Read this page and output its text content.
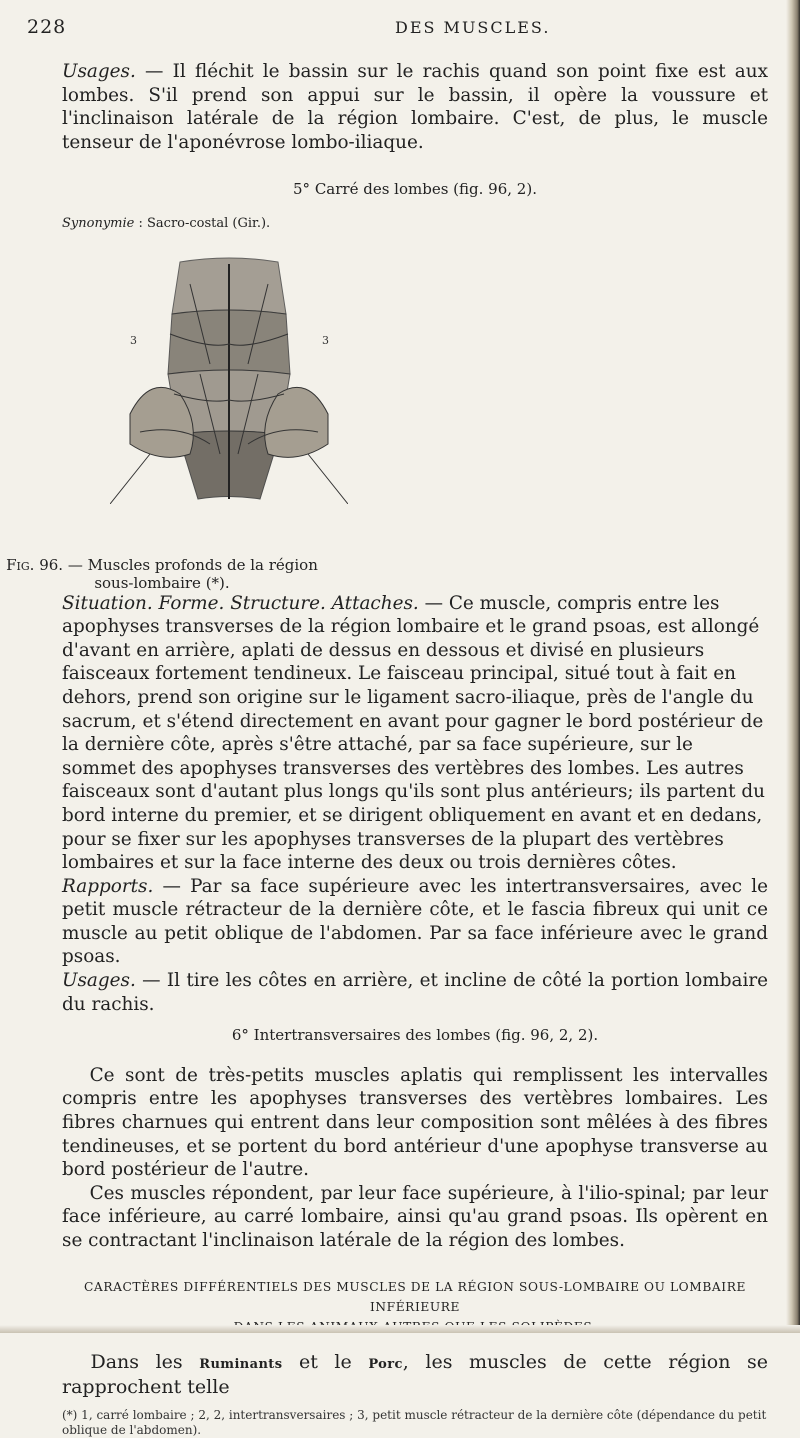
228	DES MUSCLES.

Usages. — Il fléchit le bassin sur le rachis quand son point fixe est aux lombes. S'il prend son appui sur le bassin, il opère la voussure et l'inclinaison latérale de la région lombaire. C'est, de plus, le muscle tenseur de l'aponévrose lombo-iliaque.

5° Carré des lombes (fig. 96, 2).
Synonymie : Sacro-costal (Gir.).

3	3

Fig. 96. — Muscles profonds de la région sous-lombaire (*).
Situation. Forme. Structure. Attaches. — Ce muscle, compris entre les apophyses transverses de la région lombaire et le grand psoas, est allongé d'avant en arrière, aplati de dessus en dessous et divisé en plusieurs faisceaux fortement tendineux. Le faisceau principal, situé tout à fait en dehors, prend son origine sur le ligament sacro-iliaque, près de l'angle du sacrum, et s'étend directement en avant pour gagner le bord postérieur de la dernière côte, après s'être attaché, par sa face supérieure, sur le sommet des apophyses transverses des vertèbres des lombes. Les autres faisceaux sont d'autant plus longs qu'ils sont plus antérieurs; ils partent du bord interne du premier, et se dirigent obliquement en avant et en dedans, pour se fixer sur les apophyses transverses de la plupart des vertèbres lombaires et sur la face interne des deux ou trois dernières côtes.

Rapports. — Par sa face supérieure avec les intertransversaires, avec le petit muscle rétracteur de la dernière côte, et le fascia fibreux qui unit ce muscle au petit oblique de l'abdomen. Par sa face inférieure avec le grand psoas.

Usages. — Il tire les côtes en arrière, et incline de côté la portion lombaire du rachis.

6° Intertransversaires des lombes (fig. 96, 2, 2).

Ce sont de très-petits muscles aplatis qui remplissent les intervalles compris entre les apophyses transverses des vertèbres lombaires. Les fibres charnues qui entrent dans leur composition sont mêlées à des fibres tendineuses, et se portent du bord antérieur d'une apophyse transverse au bord postérieur de l'autre.

Ces muscles répondent, par leur face supérieure, à l'ilio-spinal; par leur face inférieure, au carré lombaire, ainsi qu'au grand psoas. Ils opèrent en se contractant l'inclinaison latérale de la région des lombes.

CARACTÈRES DIFFÉRENTIELS DES MUSCLES DE LA RÉGION SOUS-LOMBAIRE OU LOMBAIRE INFÉRIEURE

Dans les Ruminants et le Porc, les muscles de cette région se rapprochent telle

(*) 1, carré lombaire ; 2, 2, intertransversaires ; 3, petit muscle rétracteur de la dernière côte (dépendance du petit oblique de l'abdomen).
